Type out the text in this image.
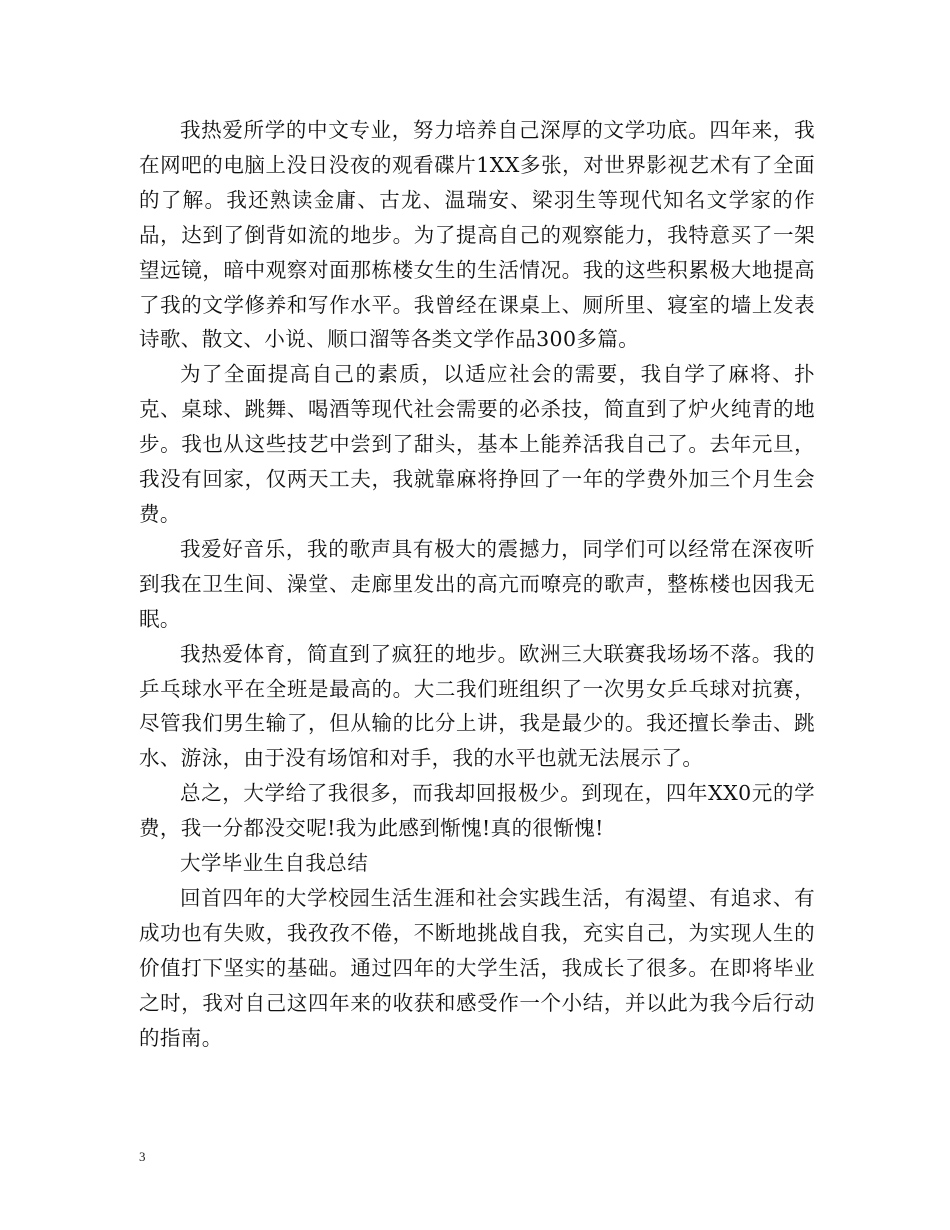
我热爱所学的中文专业，努力培养自己深厚的文学功底。四年来，我在网吧的电脑上没日没夜的观看碟片1XX多张，对世界影视艺术有了全面的了解。我还熟读金庸、古龙、温瑞安、梁羽生等现代知名文学家的作品，达到了倒背如流的地步。为了提高自己的观察能力，我特意买了一架望远镜，暗中观察对面那栋楼女生的生活情况。我的这些积累极大地提高了我的文学修养和写作水平。我曾经在课桌上、厕所里、寝室的墙上发表诗歌、散文、小说、顺口溜等各类文学作品300多篇。

为了全面提高自己的素质，以适应社会的需要，我自学了麻将、扑克、桌球、跳舞、喝酒等现代社会需要的必杀技，简直到了炉火纯青的地步。我也从这些技艺中尝到了甜头，基本上能养活我自己了。去年元旦，我没有回家，仅两天工夫，我就靠麻将挣回了一年的学费外加三个月生会费。

我爱好音乐，我的歌声具有极大的震撼力，同学们可以经常在深夜听到我在卫生间、澡堂、走廊里发出的高亢而嘹亮的歌声，整栋楼也因我无眠。

我热爱体育，简直到了疯狂的地步。欧洲三大联赛我场场不落。我的乒乓球水平在全班是最高的。大二我们班组织了一次男女乒乓球对抗赛，尽管我们男生输了，但从输的比分上讲，我是最少的。我还擅长拳击、跳水、游泳，由于没有场馆和对手，我的水平也就无法展示了。

总之，大学给了我很多，而我却回报极少。到现在，四年XX0元的学费，我一分都没交呢!我为此感到惭愧!真的很惭愧!

大学毕业生自我总结

回首四年的大学校园生活生涯和社会实践生活，有渴望、有追求、有成功也有失败，我孜孜不倦，不断地挑战自我，充实自己，为实现人生的价值打下坚实的基础。通过四年的大学生活，我成长了很多。在即将毕业之时，我对自己这四年来的收获和感受作一个小结，并以此为我今后行动的指南。

3
